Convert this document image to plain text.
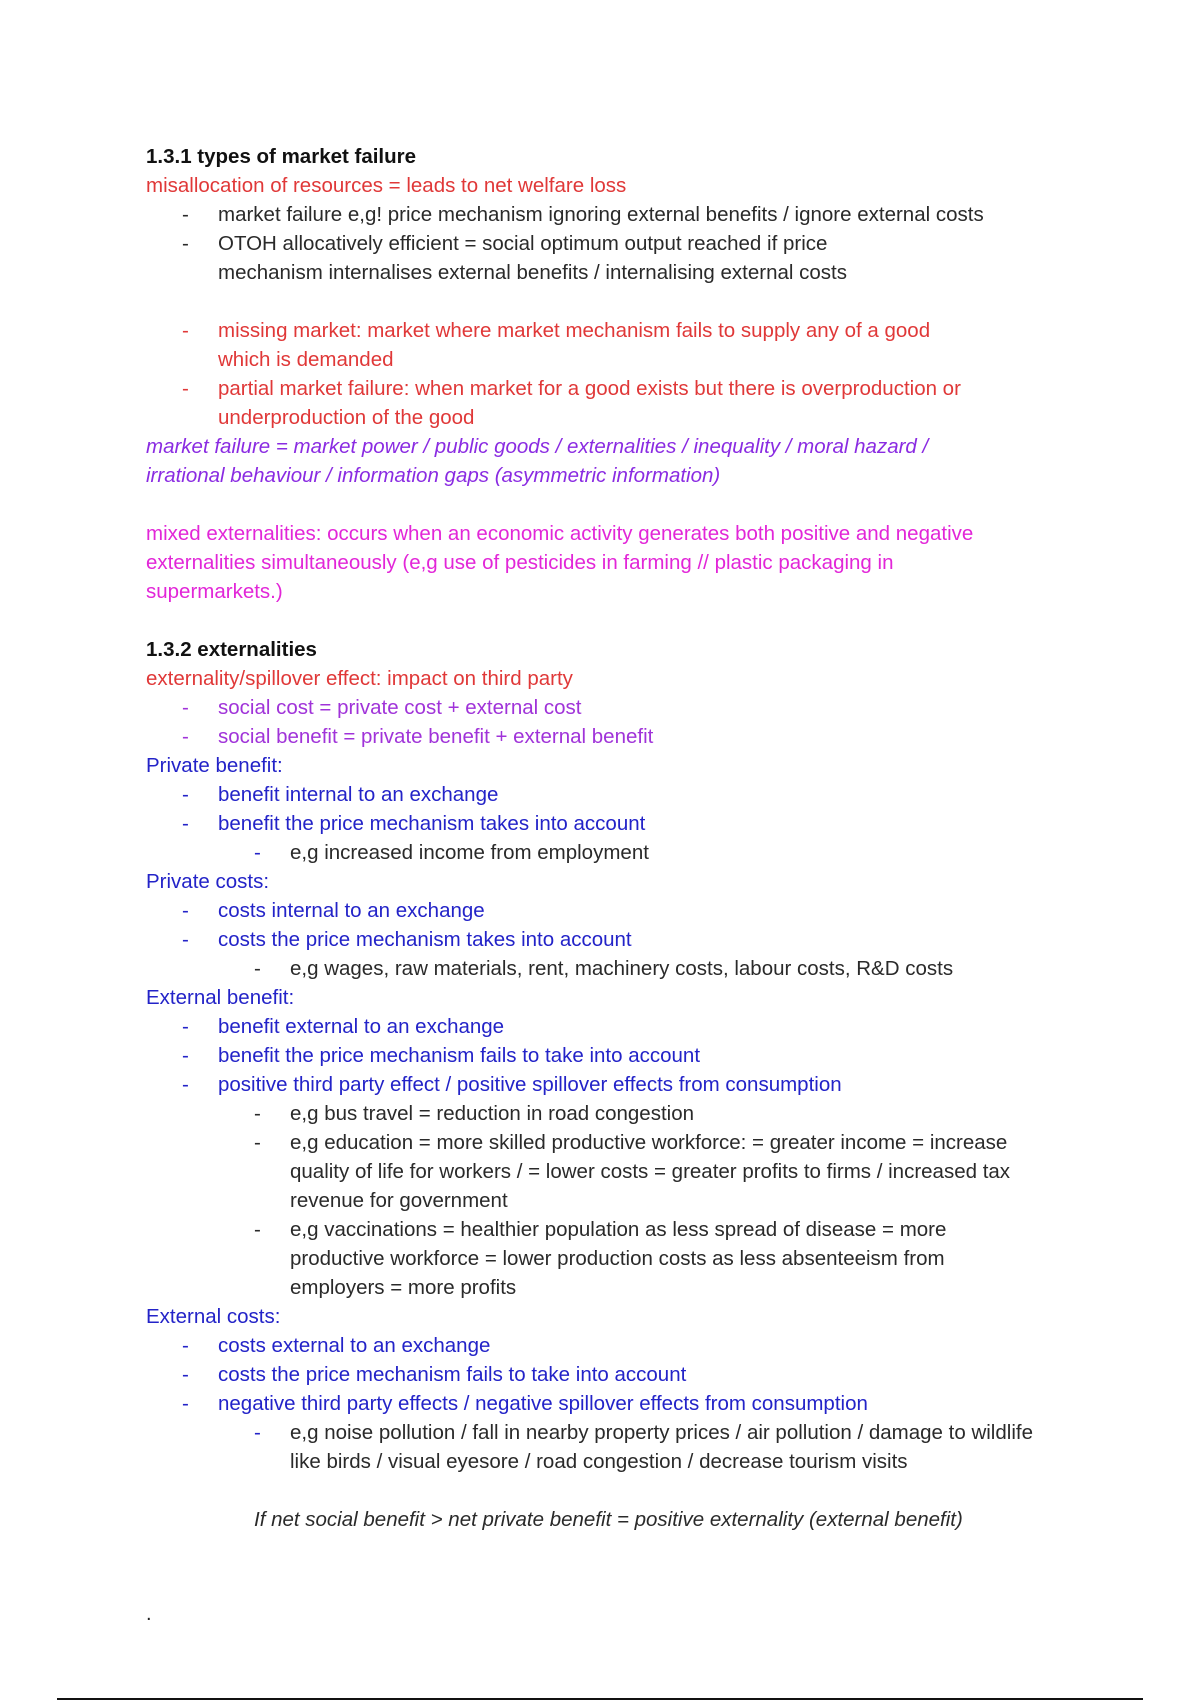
1.3.1 types of market failure

misallocation of resources = leads to net welfare loss

- market failure e,g! price mechanism ignoring external benefits / ignore external costs
- OTOH allocatively efficient = social optimum output reached if price mechanism internalises external benefits / internalising external costs
- missing market: market where market mechanism fails to supply any of a good which is demanded
- partial market failure: when market for a good exists but there is overproduction or underproduction of the good

market failure = market power / public goods / externalities / inequality / moral hazard /

irrational behaviour / information gaps (asymmetric information)

mixed externalities: occurs when an economic activity generates both positive and negative externalities simultaneously (e,g use of pesticides in farming // plastic packaging in supermarkets.)

1.3.2 externalities

externality/spillover effect: impact on third party

- social cost = private cost + external cost
- social benefit = private benefit + external benefit

Private benefit:

- benefit internal to an exchange
- benefit the price mechanism takes into account
- e,g increased income from employment

Private costs:

- costs internal to an exchange
- costs the price mechanism takes into account
- e,g wages, raw materials, rent, machinery costs, labour costs, R&D costs

External benefit:

- benefit external to an exchange
- benefit the price mechanism fails to take into account
- positive third party effect / positive spillover effects from consumption
- e,g bus travel = reduction in road congestion
- e,g education = more skilled productive workforce: = greater income = increase quality of life for workers / = lower costs = greater profits to firms / increased tax revenue for government
- e,g vaccinations = healthier population as less spread of disease = more productive workforce = lower production costs as less absenteeism from employers = more profits

External costs:

- costs external to an exchange
- costs the price mechanism fails to take into account
- negative third party effects / negative spillover effects from consumption
- e,g noise pollution / fall in nearby property prices / air pollution / damage to wildlife like birds / visual eyesore / road congestion / decrease tourism visits

If net social benefit > net private benefit = positive externality (external benefit)

.
